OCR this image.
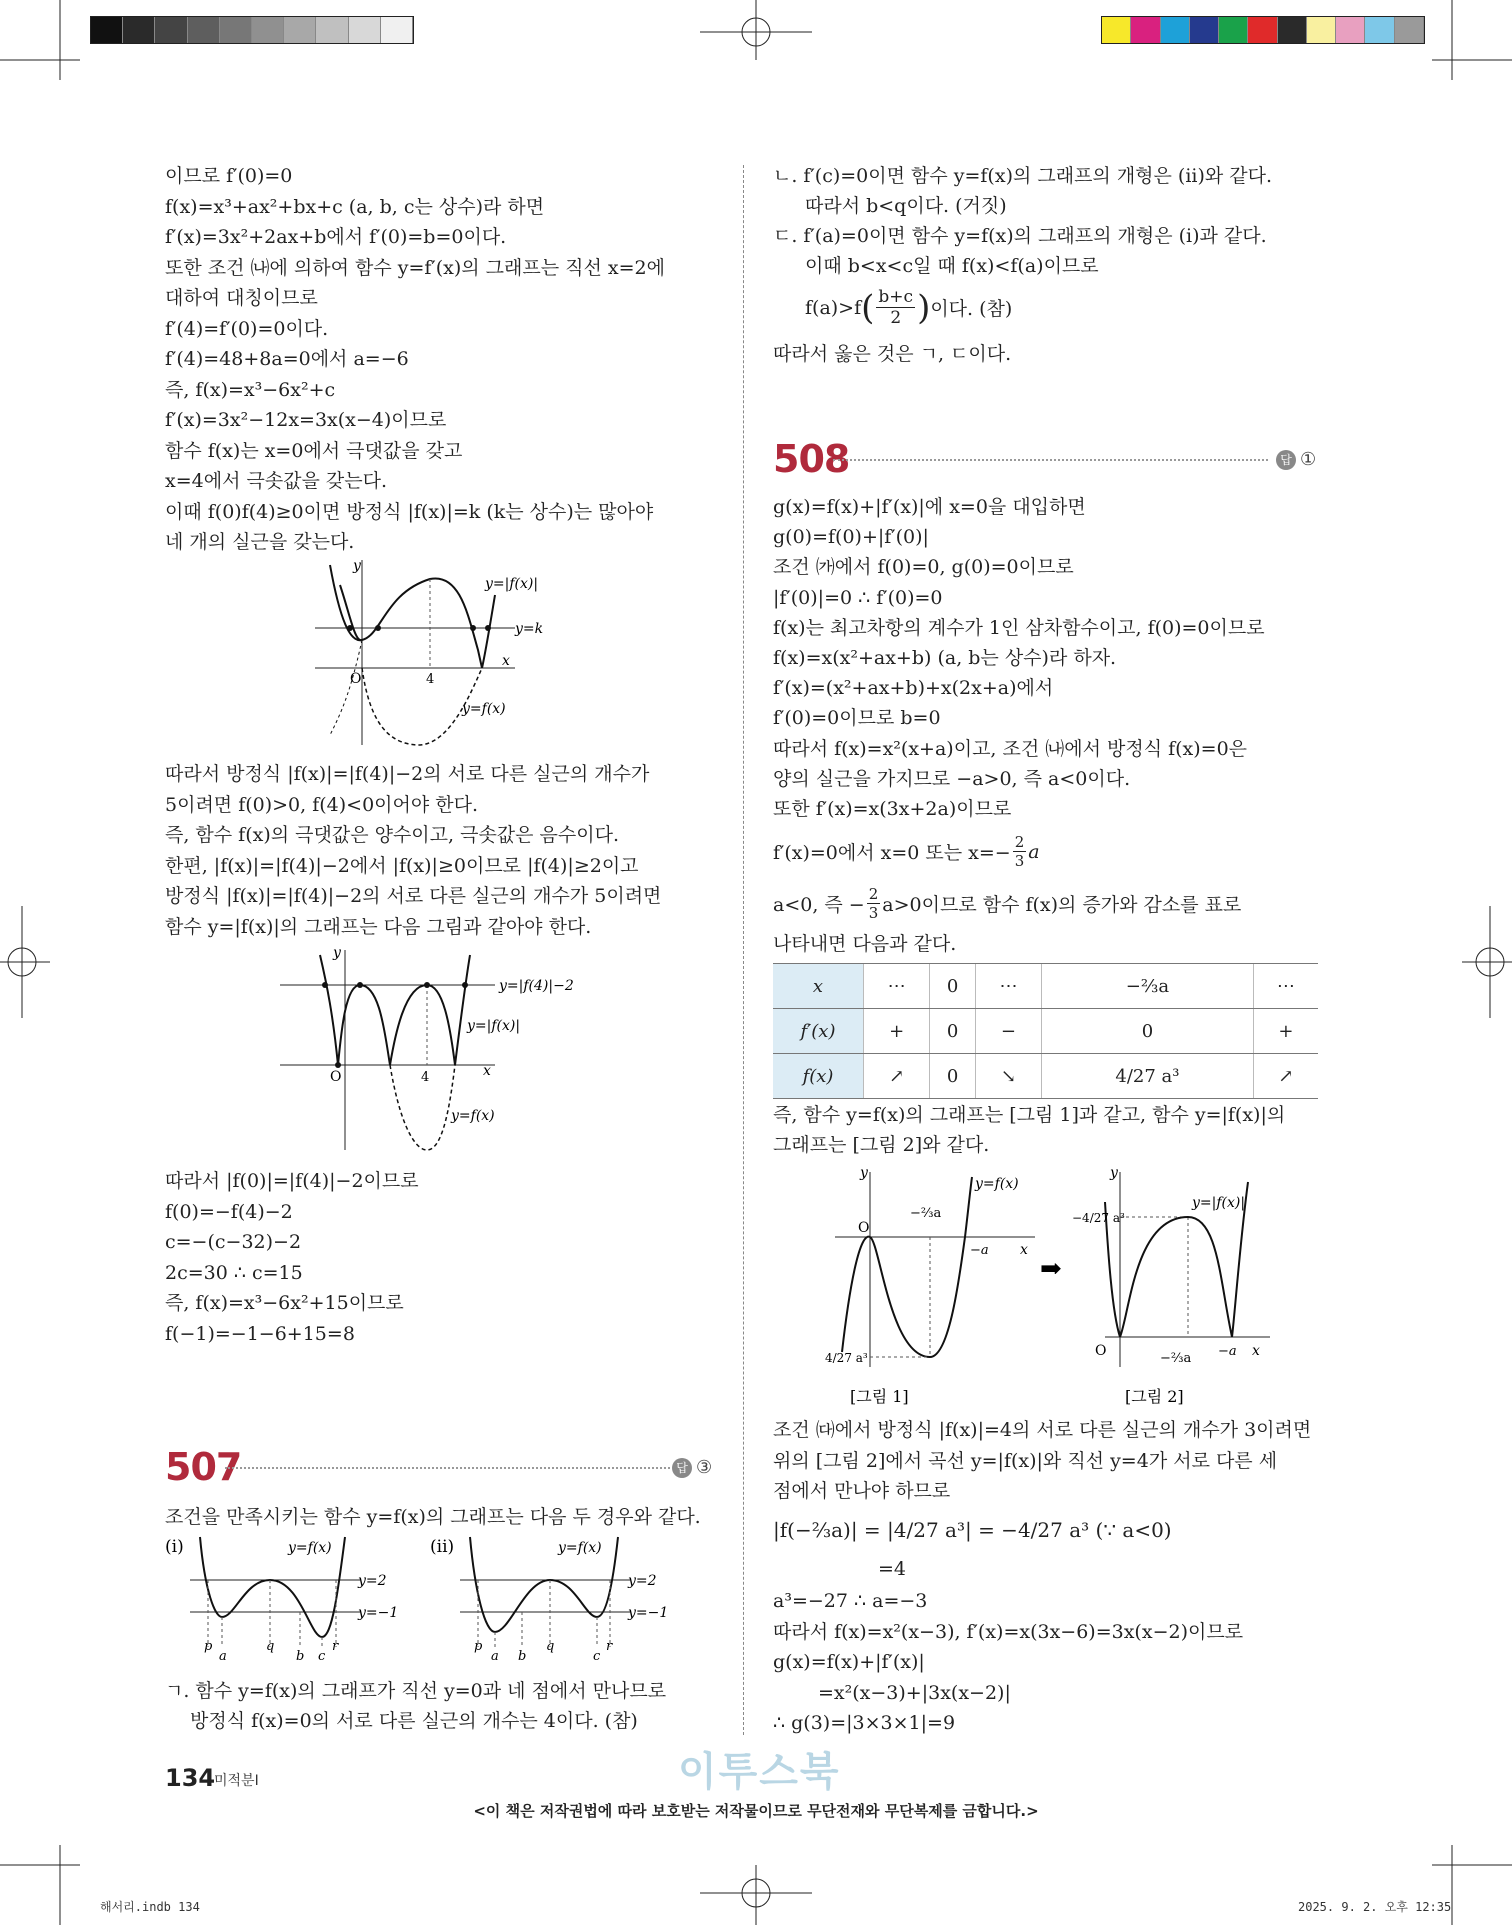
이므로 f′(0)=0
f(x)=x³+ax²+bx+c (a, b, c는 상수)라 하면
f′(x)=3x²+2ax+b에서 f′(0)=b=0이다.
또한 조건 ㈏에 의하여 함수 y=f′(x)의 그래프는 직선 x=2에
대하여 대칭이므로
f′(4)=f′(0)=0이다.
f′(4)=48+8a=0에서 a=−6
즉, f(x)=x³−6x²+c
f′(x)=3x²−12x=3x(x−4)이므로
함수 f(x)는 x=0에서 극댓값을 갖고
x=4에서 극솟값을 갖는다.
이때 f(0)f(4)≥0이면 방정식 |f(x)|=k (k는 상수)는 많아야
네 개의 실근을 갖는다.
y
x
O	4
y=|f(x)|
y=k
y=f(x)
따라서 방정식 |f(x)|=|f(4)|−2의 서로 다른 실근의 개수가
5이려면 f(0)>0, f(4)<0이어야 한다.
즉, 함수 f(x)의 극댓값은 양수이고, 극솟값은 음수이다.
한편, |f(x)|=|f(4)|−2에서 |f(x)|≥0이므로 |f(4)|≥2이고
방정식 |f(x)|=|f(4)|−2의 서로 다른 실근의 개수가 5이려면
함수 y=|f(x)|의 그래프는 다음 그림과 같아야 한다.
y
x
O	4
y=|f(4)|−2
y=|f(x)|
y=f(x)
따라서 |f(0)|=|f(4)|−2이므로
f(0)=−f(4)−2
c=−(c−32)−2
2c=30 ∴ c=15
즉, f(x)=x³−6x²+15이므로
f(−1)=−1−6+15=8
507	답 ③
조건을 만족시키는 함수 y=f(x)의 그래프는 다음 두 경우와 같다.
(i)	(ii)
y=f(x)
y=2
y=−1
y=f(x)
y=2
y=−1
p
a
q
b c
r	p
a b
q
c
r
ㄱ. 함수 y=f(x)의 그래프가 직선 y=0과 네 점에서 만나므로
방정식 f(x)=0의 서로 다른 실근의 개수는 4이다. (참)
ㄴ. f′(c)=0이면 함수 y=f(x)의 그래프의 개형은 (ii)와 같다.
따라서 b<q이다. (거짓)
ㄷ. f′(a)=0이면 함수 y=f(x)의 그래프의 개형은 (i)과 같다.
이때 b<x<c일 때 f(x)<f(a)이므로
f(a)>f ( $\frac{b+c}{2}$ ) 이다. (참)
따라서 옳은 것은 ㄱ, ㄷ이다.
508	답 ①
g(x)=f(x)+|f′(x)|에 x=0을 대입하면
g(0)=f(0)+|f′(0)|
조건 ㈎에서 f(0)=0, g(0)=0이므로
|f′(0)|=0 ∴ f′(0)=0
f(x)는 최고차항의 계수가 1인 삼차함수이고, f(0)=0이므로
f(x)=x(x²+ax+b) (a, b는 상수)라 하자.
f′(x)=(x²+ax+b)+x(2x+a)에서
f′(0)=0이므로 b=0
따라서 f(x)=x²(x+a)이고, 조건 ㈏에서 방정식 f(x)=0은
양의 실근을 가지므로 −a>0, 즉 a<0이다.
또한 f′(x)=x(3x+2a)이므로
f′(x)=0에서 x=0 또는 $x=- \frac{2}{3}$ a
a<0, 즉 − $\frac{2}{3} a>0$이므로 함수 f(x)의 증가와 감소를 표로
나타내면 다음과 같다.
x	⋯	0	⋯	−⅔a	⋯
f′(x)	+	0	−	0	+
f(x)	↗	0	↘	4/27 a³	↗
즉, 함수 y=f(x)의 그래프는 [그림 1]과 같고, 함수 y=|f(x)|의
그래프는 [그림 2]와 같다.
y
x
O
−⅔a
−a
y=f(x)
4/27 a³
[그림 1]
➡
y
x
O	−⅔a −a
y=|f(x)|
−4/27 a³
[그림 2]
조건 ㈐에서 방정식 |f(x)|=4의 서로 다른 실근의 개수가 3이려면
위의 [그림 2]에서 곡선 y=|f(x)|와 직선 y=4가 서로 다른 세
점에서 만나야 하므로
|f(−⅔a)| = |4/27 a³| = −4/27 a³ (∵ a<0)
=4
a³=−27 ∴ a=−3
따라서 f(x)=x²(x−3), f′(x)=x(3x−6)=3x(x−2)이므로
g(x)=f(x)+|f′(x)|
=x²(x−3)+|3x(x−2)|
∴ g(3)=|3×3×1|=9
134
미적분Ⅰ	이투스북
<이 책은 저작권법에 따라 보호받는 저작물이므로 무단전재와 무단복제를 금합니다.>
해서리.indb 134	2025. 9. 2. 오후 12:35
